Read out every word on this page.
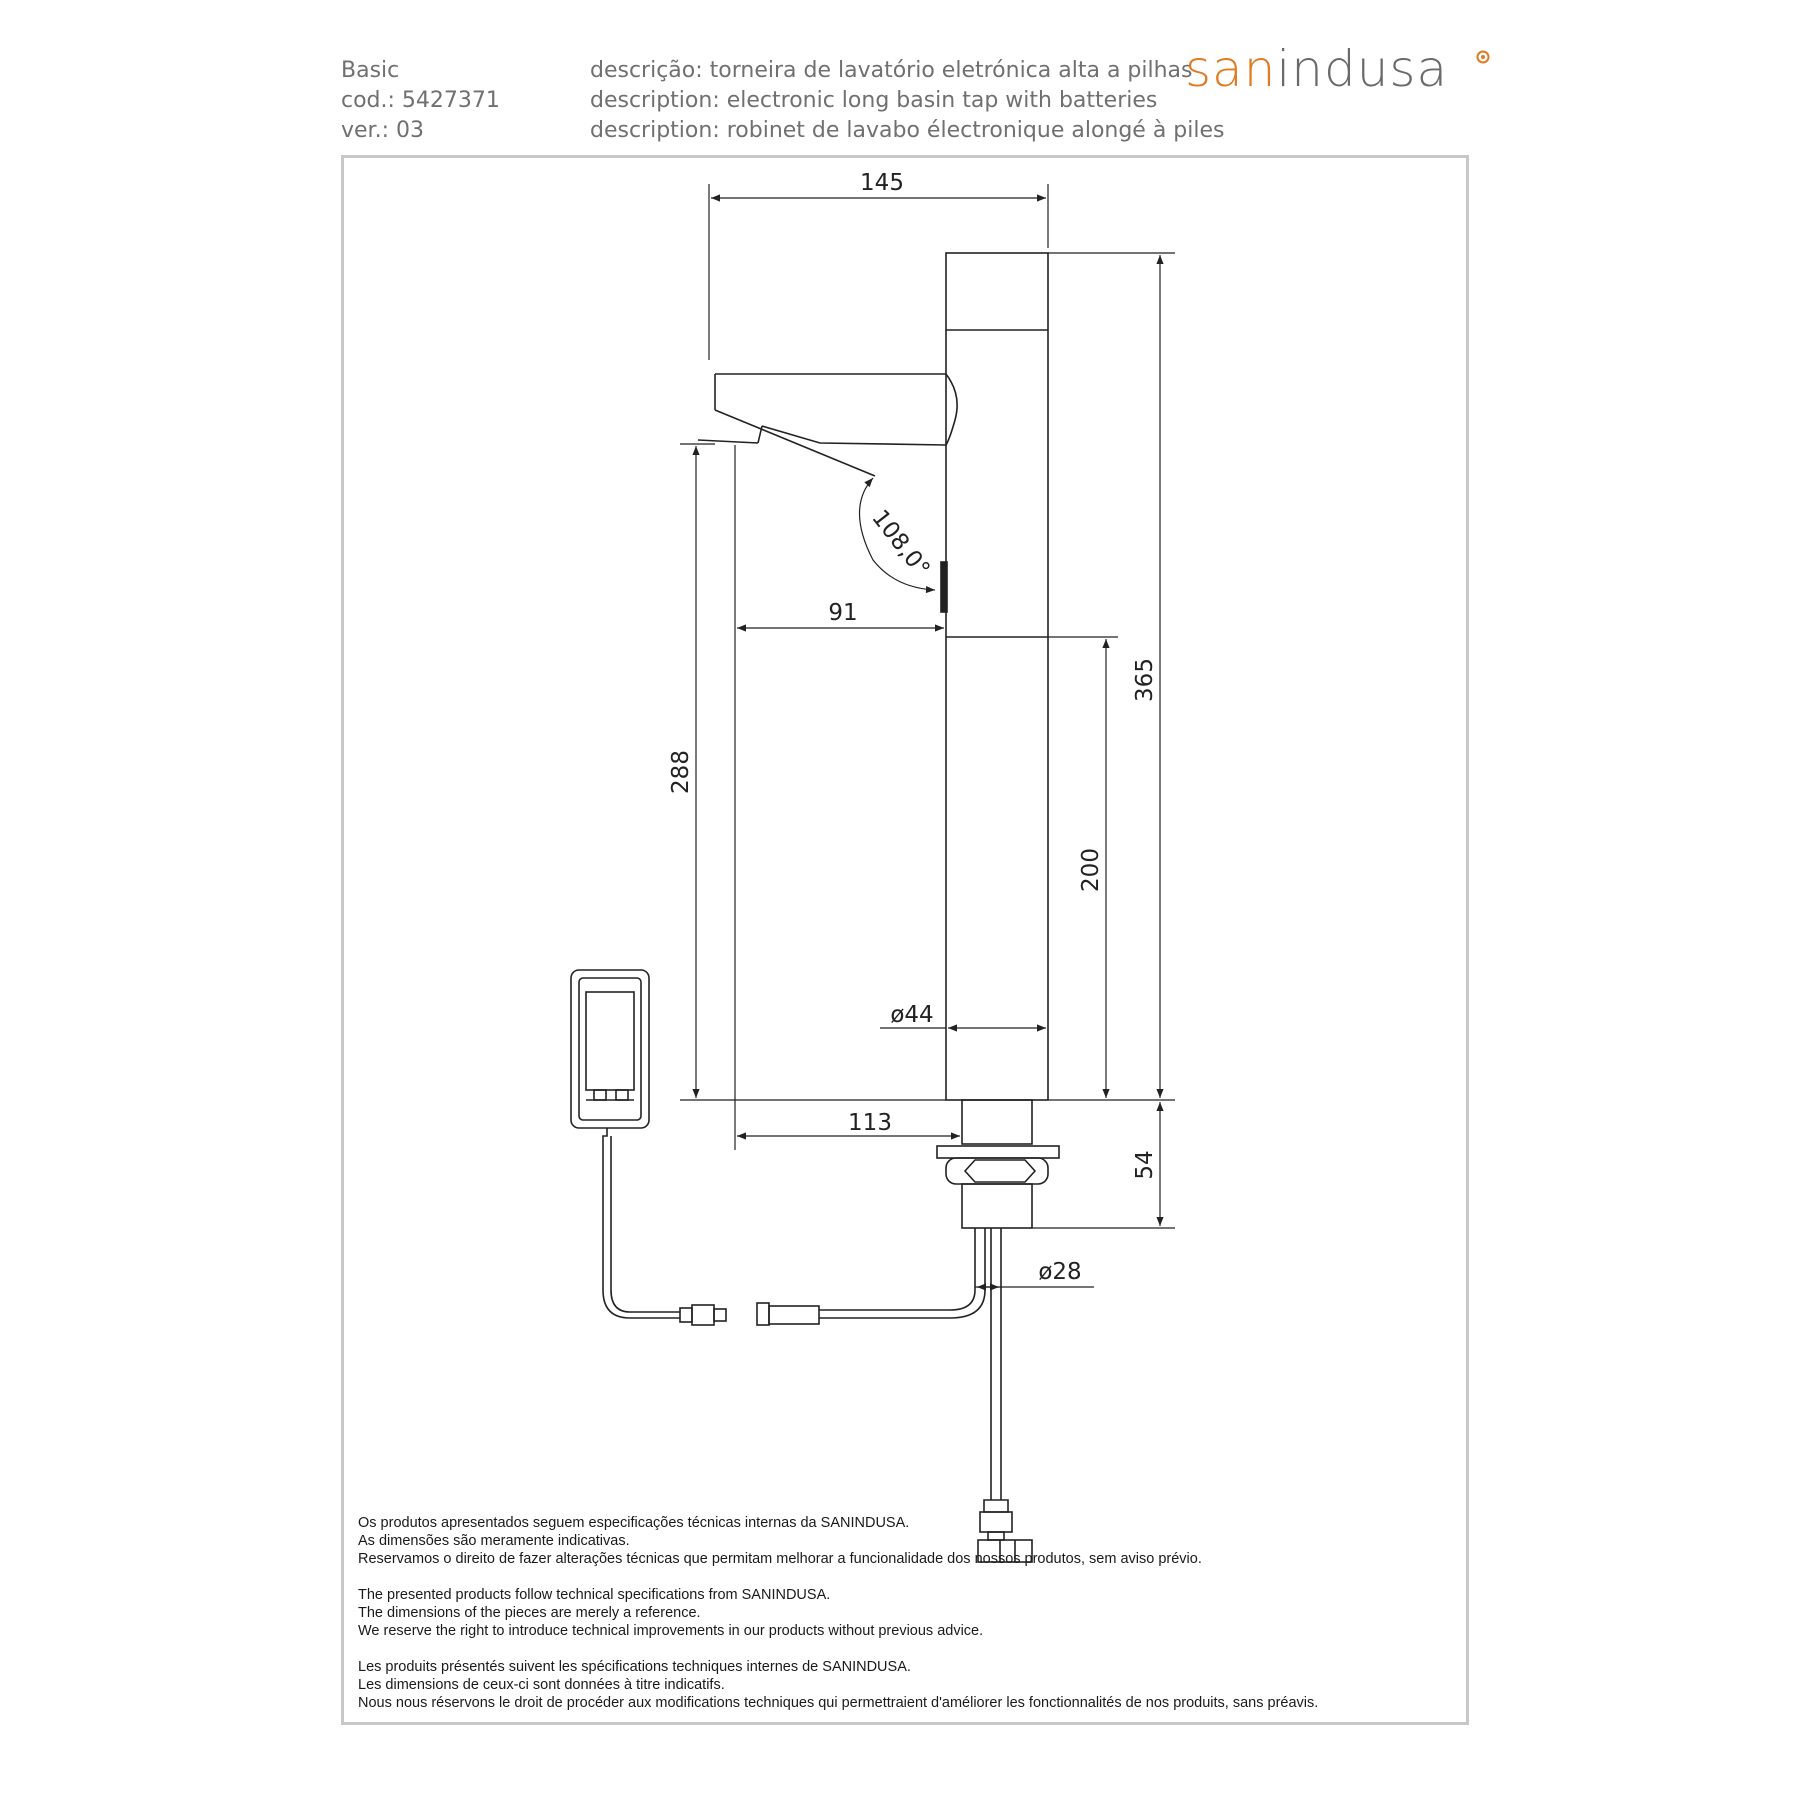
Basic
cod.: 5427371
ver.: 03
descrição: torneira de lavatório eletrónica alta a pilhas
description: electronic long basin tap with batteries
description: robinet de lavabo électronique alongé à piles
sanindusa
145
365
288
91
200
ø44
113
54
ø28
108,0°

Os produtos apresentados seguem especificações técnicas internas da SANINDUSA.
As dimensões são meramente indicativas.
Reservamos o direito de fazer alterações técnicas que permitam melhorar a funcionalidade dos nossos produtos, sem aviso prévio.

The presented products follow technical specifications from SANINDUSA.
The dimensions of the pieces are merely a reference.
We reserve the right to introduce technical improvements in our products without previous advice.

Les produits présentés suivent les spécifications techniques internes de SANINDUSA.
Les dimensions de ceux-ci sont données à titre indicatifs.
Nous nous réservons le droit de procéder aux modifications techniques qui permettraient d'améliorer les fonctionnalités de nos produits, sans préavis.
